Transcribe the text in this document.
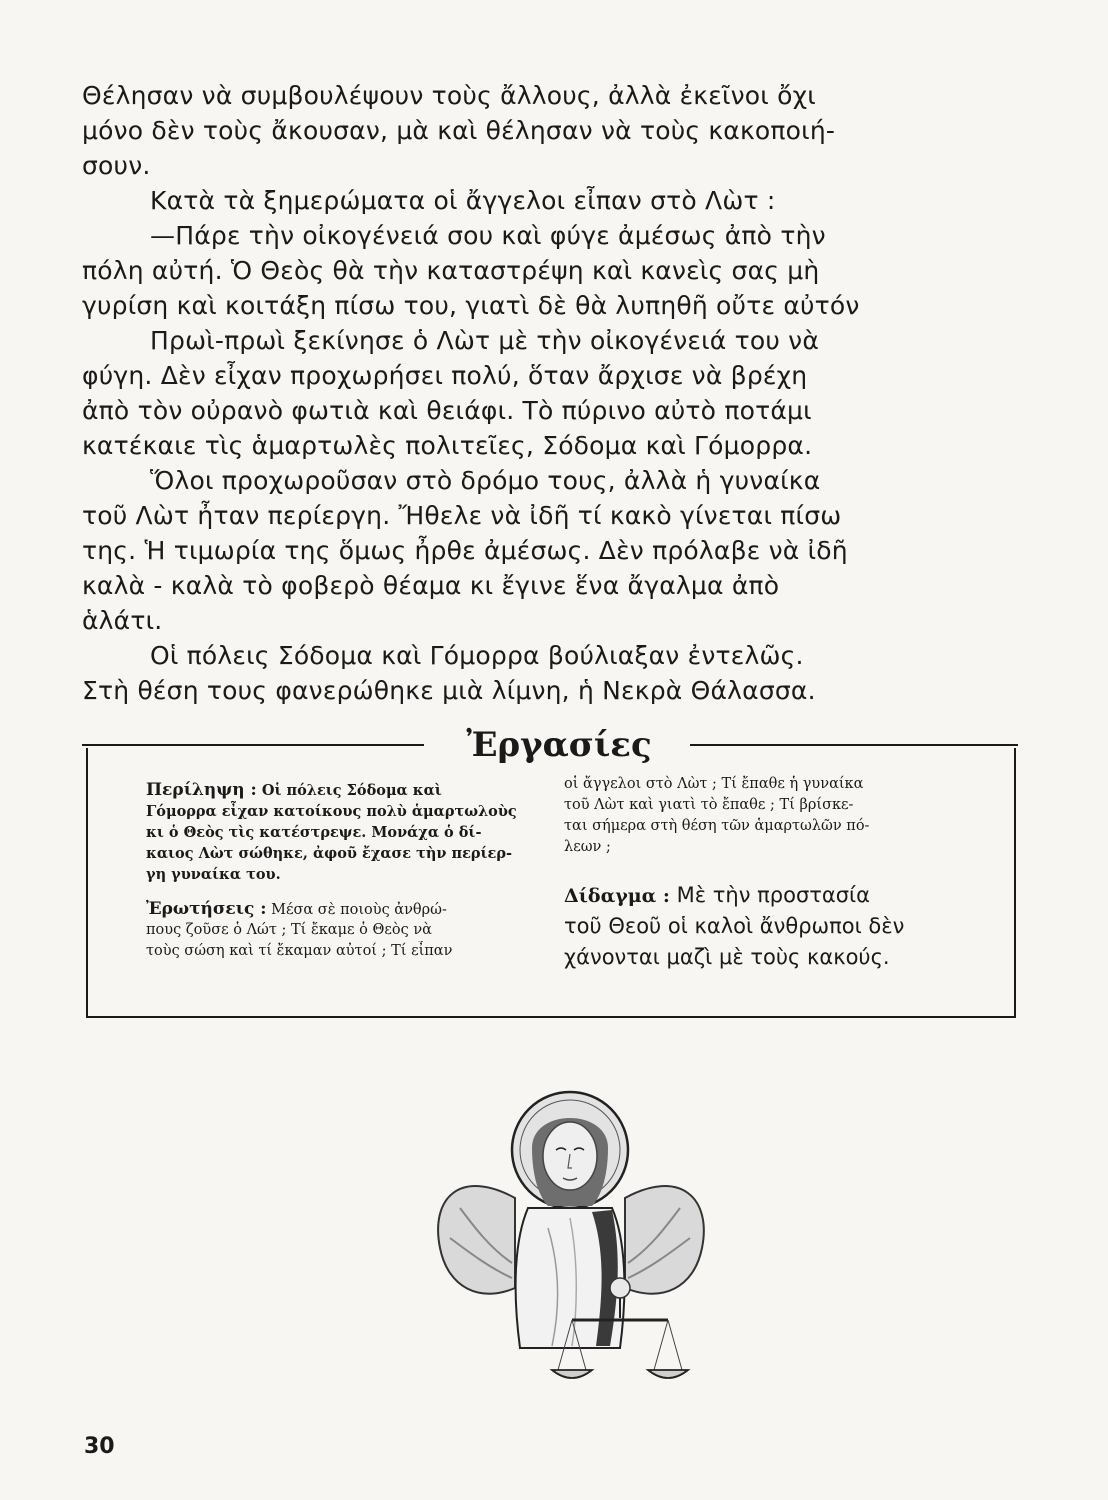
Θέλησαν νὰ συμβουλέψουν τοὺς ἄλλους, ἀλλὰ ἐκεῖνοι ὄχι
μόνο δὲν τοὺς ἄκουσαν, μὰ καὶ θέλησαν νὰ τοὺς κακοποιή-
σουν.
Κατὰ τὰ ξημερώματα οἱ ἄγγελοι εἶπαν στὸ Λὼτ :
—Πάρε τὴν οἰκογένειά σου καὶ φύγε ἀμέσως ἀπὸ τὴν
πόλη αὐτή. Ὁ Θεὸς θὰ τὴν καταστρέψη καὶ κανεὶς σας μὴ
γυρίση καὶ κοιτάξη πίσω του, γιατὶ δὲ θὰ λυπηθῆ οὔτε αὐτόν
Πρωὶ-πρωὶ ξεκίνησε ὁ Λὼτ μὲ τὴν οἰκογένειά του νὰ
φύγη. Δὲν εἶχαν προχωρήσει πολύ, ὅταν ἄρχισε νὰ βρέχη
ἀπὸ τὸν οὐρανὸ φωτιὰ καὶ θειάφι. Τὸ πύρινο αὐτὸ ποτάμι
κατέκαιε τὶς ἁμαρτωλὲς πολιτεῖες, Σόδομα καὶ Γόμορρα.
Ὅλοι προχωροῦσαν στὸ δρόμο τους, ἀλλὰ ἡ γυναίκα
τοῦ Λὼτ ἦταν περίεργη. Ἤθελε νὰ ἰδῆ τί κακὸ γίνεται πίσω
της. Ἡ τιμωρία της ὅμως ἦρθε ἀμέσως. Δὲν πρόλαβε νὰ ἰδῆ
καλὰ - καλὰ τὸ φοβερὸ θέαμα κι ἔγινε ἕνα ἄγαλμα ἀπὸ
ἁλάτι.
Οἱ πόλεις Σόδομα καὶ Γόμορρα βούλιαξαν ἐντελῶς.
Στὴ θέση τους φανερώθηκε μιὰ λίμνη, ἡ Νεκρὰ Θάλασσα.
Ἐργασίες
Περίληψη : Οἱ πόλεις Σόδομα καὶ
Γόμορρα εἶχαν κατοίκους πολὺ ἁμαρτωλοὺς
κι ὁ Θεὸς τὶς κατέστρεψε. Μονάχα ὁ δί-
καιος Λὼτ σώθηκε, ἀφοῦ ἔχασε τὴν περίερ-
γη γυναίκα του.
Ἐρωτήσεις : Μέσα σὲ ποιοὺς ἀνθρώ-
πους ζοῦσε ὁ Λώτ ; Τί ἔκαμε ὁ Θεὸς νὰ
τοὺς σώση καὶ τί ἔκαμαν αὐτοί ; Τί εἶπαν
οἱ ἄγγελοι στὸ Λὼτ ; Τί ἔπαθε ἡ γυναίκα
τοῦ Λὼτ καὶ γιατὶ τὸ ἔπαθε ; Τί βρίσκε-
ται σήμερα στὴ θέση τῶν ἁμαρτωλῶν πό-
λεων ;
Δίδαγμα : Μὲ τὴν προστασία
τοῦ Θεοῦ οἱ καλοὶ ἄνθρωποι δὲν
χάνονται μαζὶ μὲ τοὺς κακούς.
30
